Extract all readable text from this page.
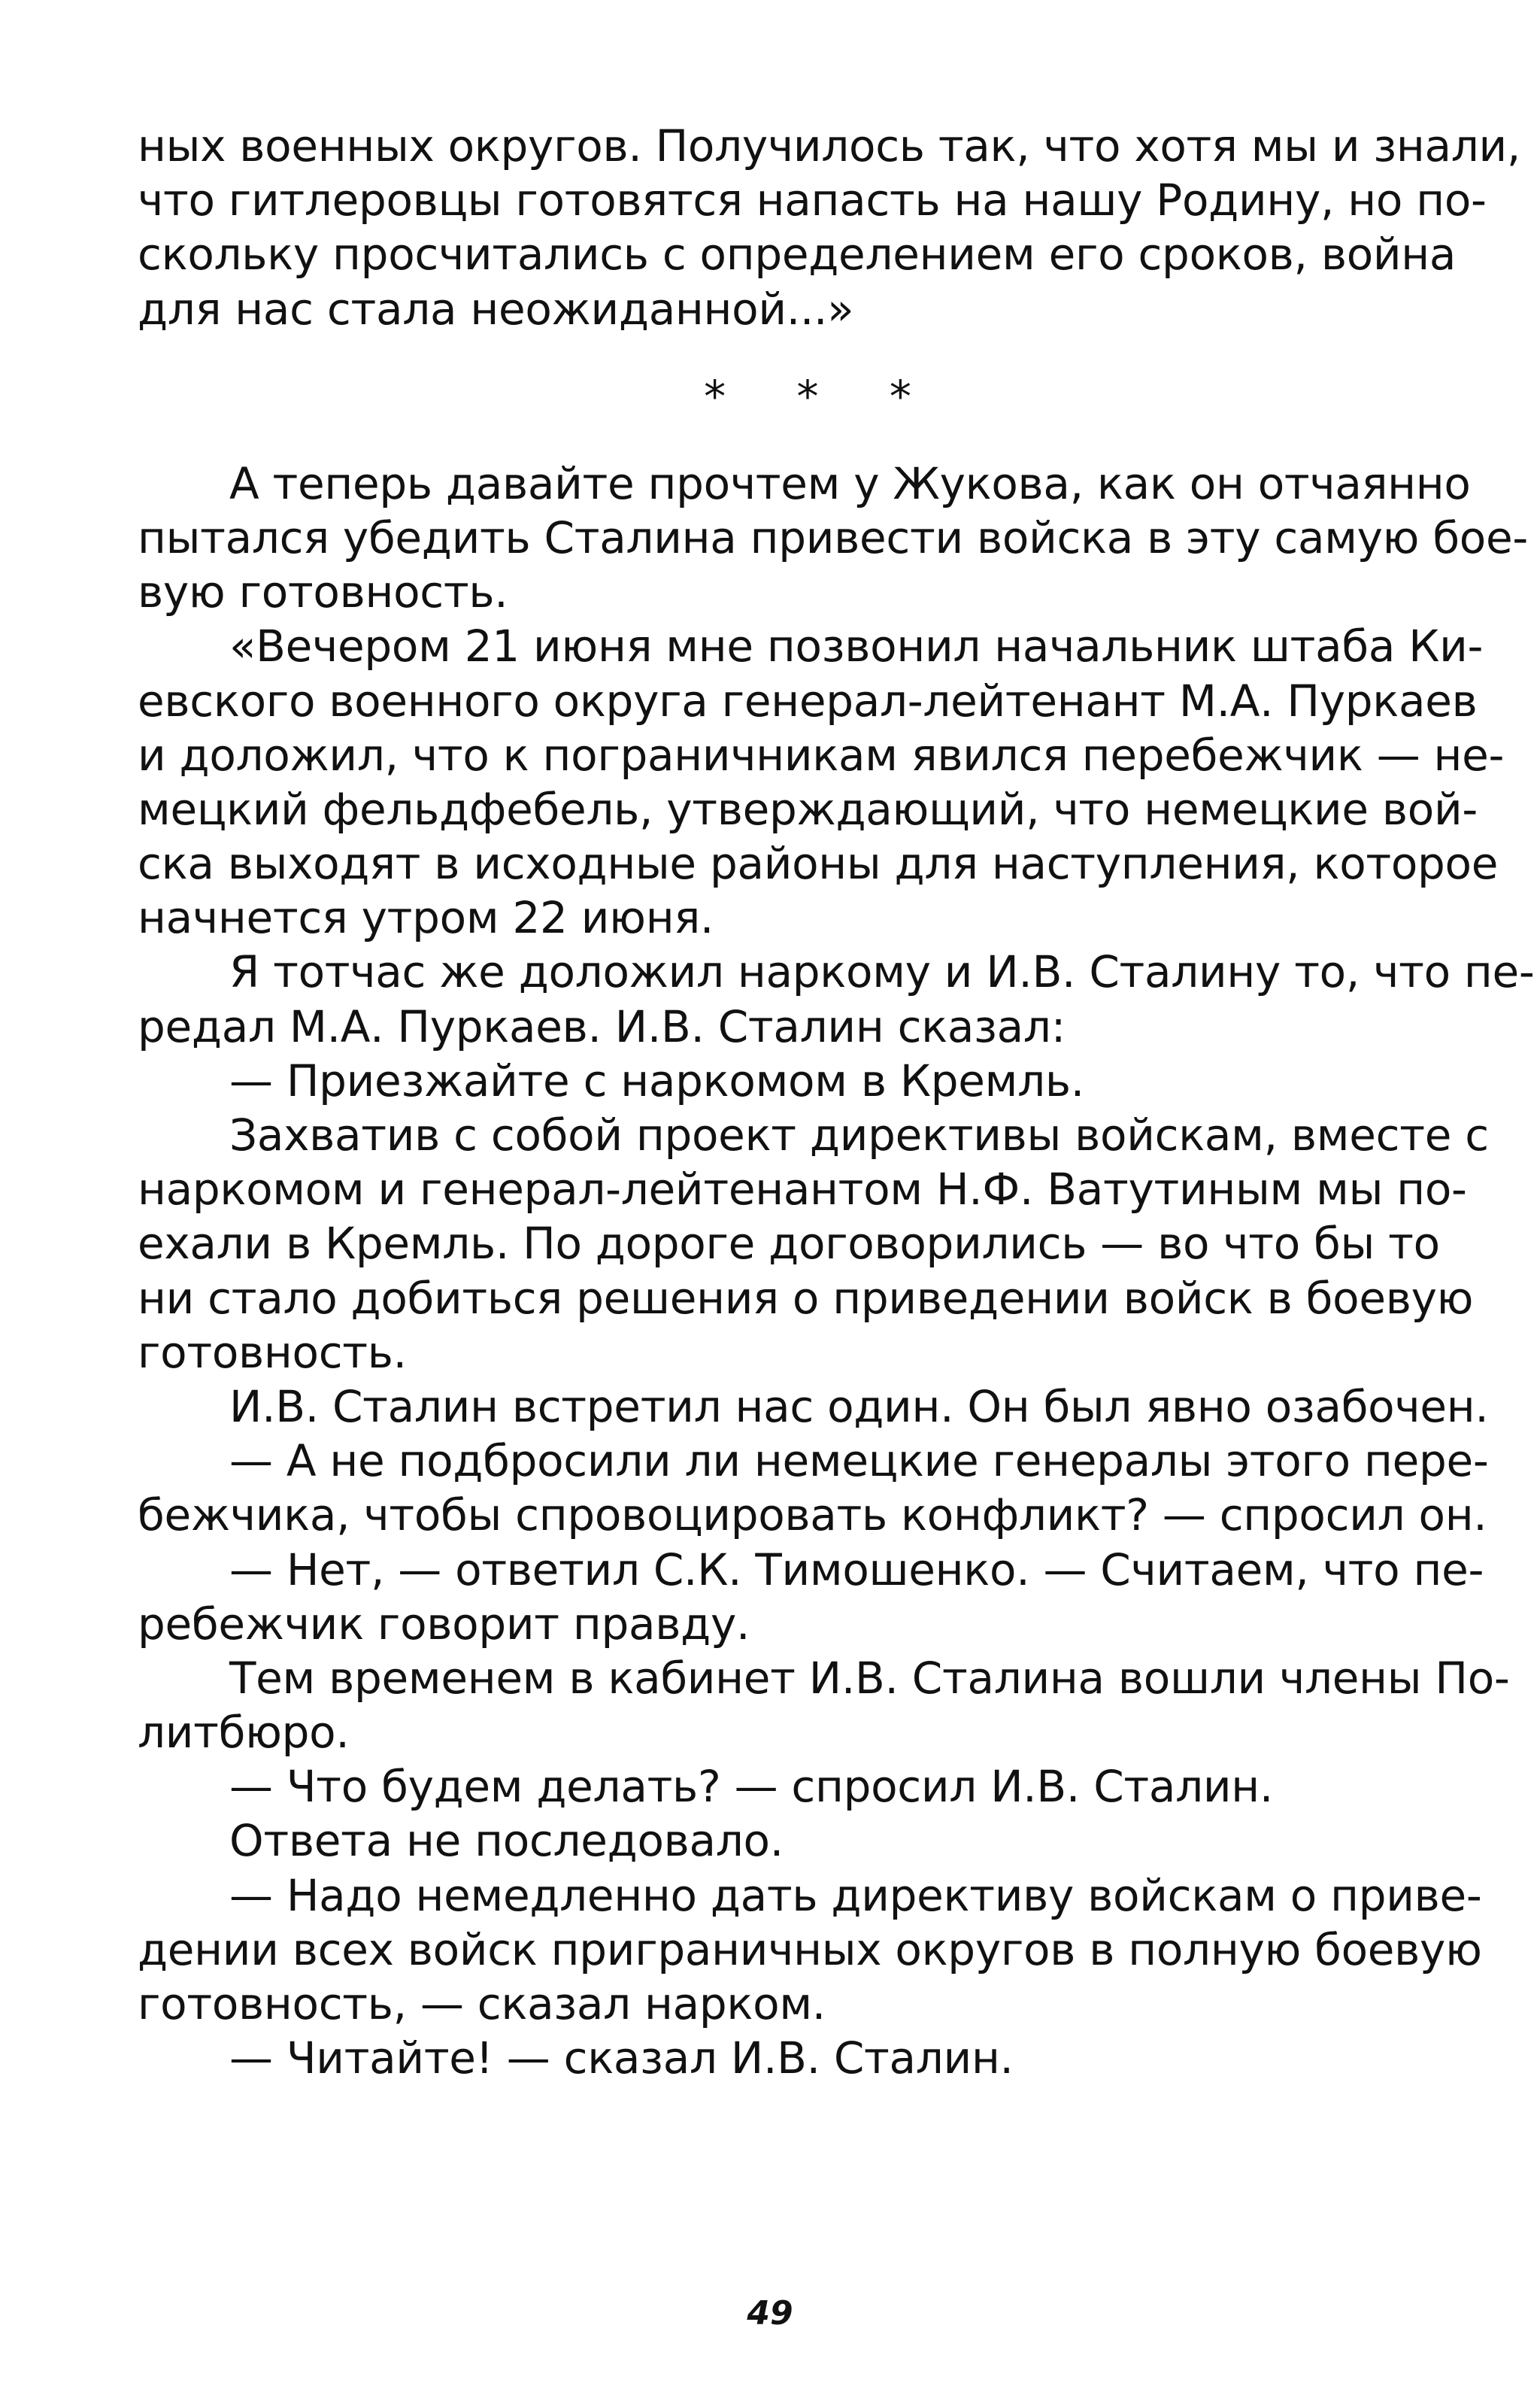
ных военных округов. Получилось так, что хотя мы и знали,
что гитлеровцы готовятся напасть на нашу Родину, но по-
скольку просчитались с определением его сроков, война
для нас стала неожиданной...»
* * *
А теперь давайте прочтем у Жукова, как он отчаянно
пытался убедить Сталина привести войска в эту самую бое-
вую готовность.
«Вечером 21 июня мне позвонил начальник штаба Ки-
евского военного округа генерал-лейтенант М.А. Пуркаев
и доложил, что к пограничникам явился перебежчик — не-
мецкий фельдфебель, утверждающий, что немецкие вой-
ска выходят в исходные районы для наступления, которое
начнется утром 22 июня.
Я тотчас же доложил наркому и И.В. Сталину то, что пе-
редал М.А. Пуркаев. И.В. Сталин сказал:
— Приезжайте с наркомом в Кремль.
Захватив с собой проект директивы войскам, вместе с
наркомом и генерал-лейтенантом Н.Ф. Ватутиным мы по-
ехали в Кремль. По дороге договорились — во что бы то
ни стало добиться решения о приведении войск в боевую
готовность.
И.В. Сталин встретил нас один. Он был явно озабочен.
— А не подбросили ли немецкие генералы этого пере-
бежчика, чтобы спровоцировать конфликт? — спросил он.
— Нет, — ответил С.К. Тимошенко. — Считаем, что пе-
ребежчик говорит правду.
Тем временем в кабинет И.В. Сталина вошли члены По-
литбюро.
— Что будем делать? — спросил И.В. Сталин.
Ответа не последовало.
— Надо немедленно дать директиву войскам о приве-
дении всех войск приграничных округов в полную боевую
готовность, — сказал нарком.
— Читайте! — сказал И.В. Сталин.
49
